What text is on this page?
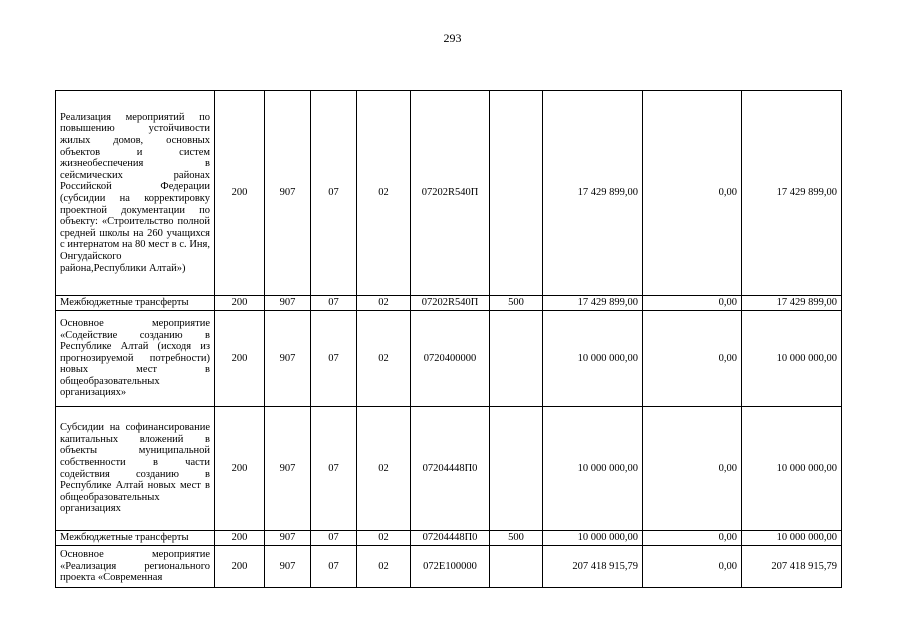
293
Реализация мероприятий по повышению устойчивости жилых домов, основных объектов и систем жизнеобеспечения в сейсмических районах Российской Федерации (субсидии на корректировку проектной документации по объекту: «Строительство полной средней школы на 260 учащихся с интернатом на 80 мест в с. Иня, Онгудайского района,Республики Алтай»)	200	907	07	02	07202R540П		17 429 899,00	0,00	17 429 899,00
Межбюджетные трансферты	200	907	07	02	07202R540П	500	17 429 899,00	0,00	17 429 899,00
Основное мероприятие «Содействие созданию в Республике Алтай (исходя из прогнозируемой потребности) новых мест в общеобразовательных организациях»	200	907	07	02	0720400000		10 000 000,00	0,00	10 000 000,00
Субсидии на софинансирование капитальных вложений в объекты муниципальной собственности в части содействия созданию в Республике Алтай новых мест в общеобразовательных организациях	200	907	07	02	07204448П0		10 000 000,00	0,00	10 000 000,00
Межбюджетные трансферты	200	907	07	02	07204448П0	500	10 000 000,00	0,00	10 000 000,00
Основное мероприятие «Реализация регионального проекта «Современная	200	907	07	02	072E100000		207 418 915,79	0,00	207 418 915,79
